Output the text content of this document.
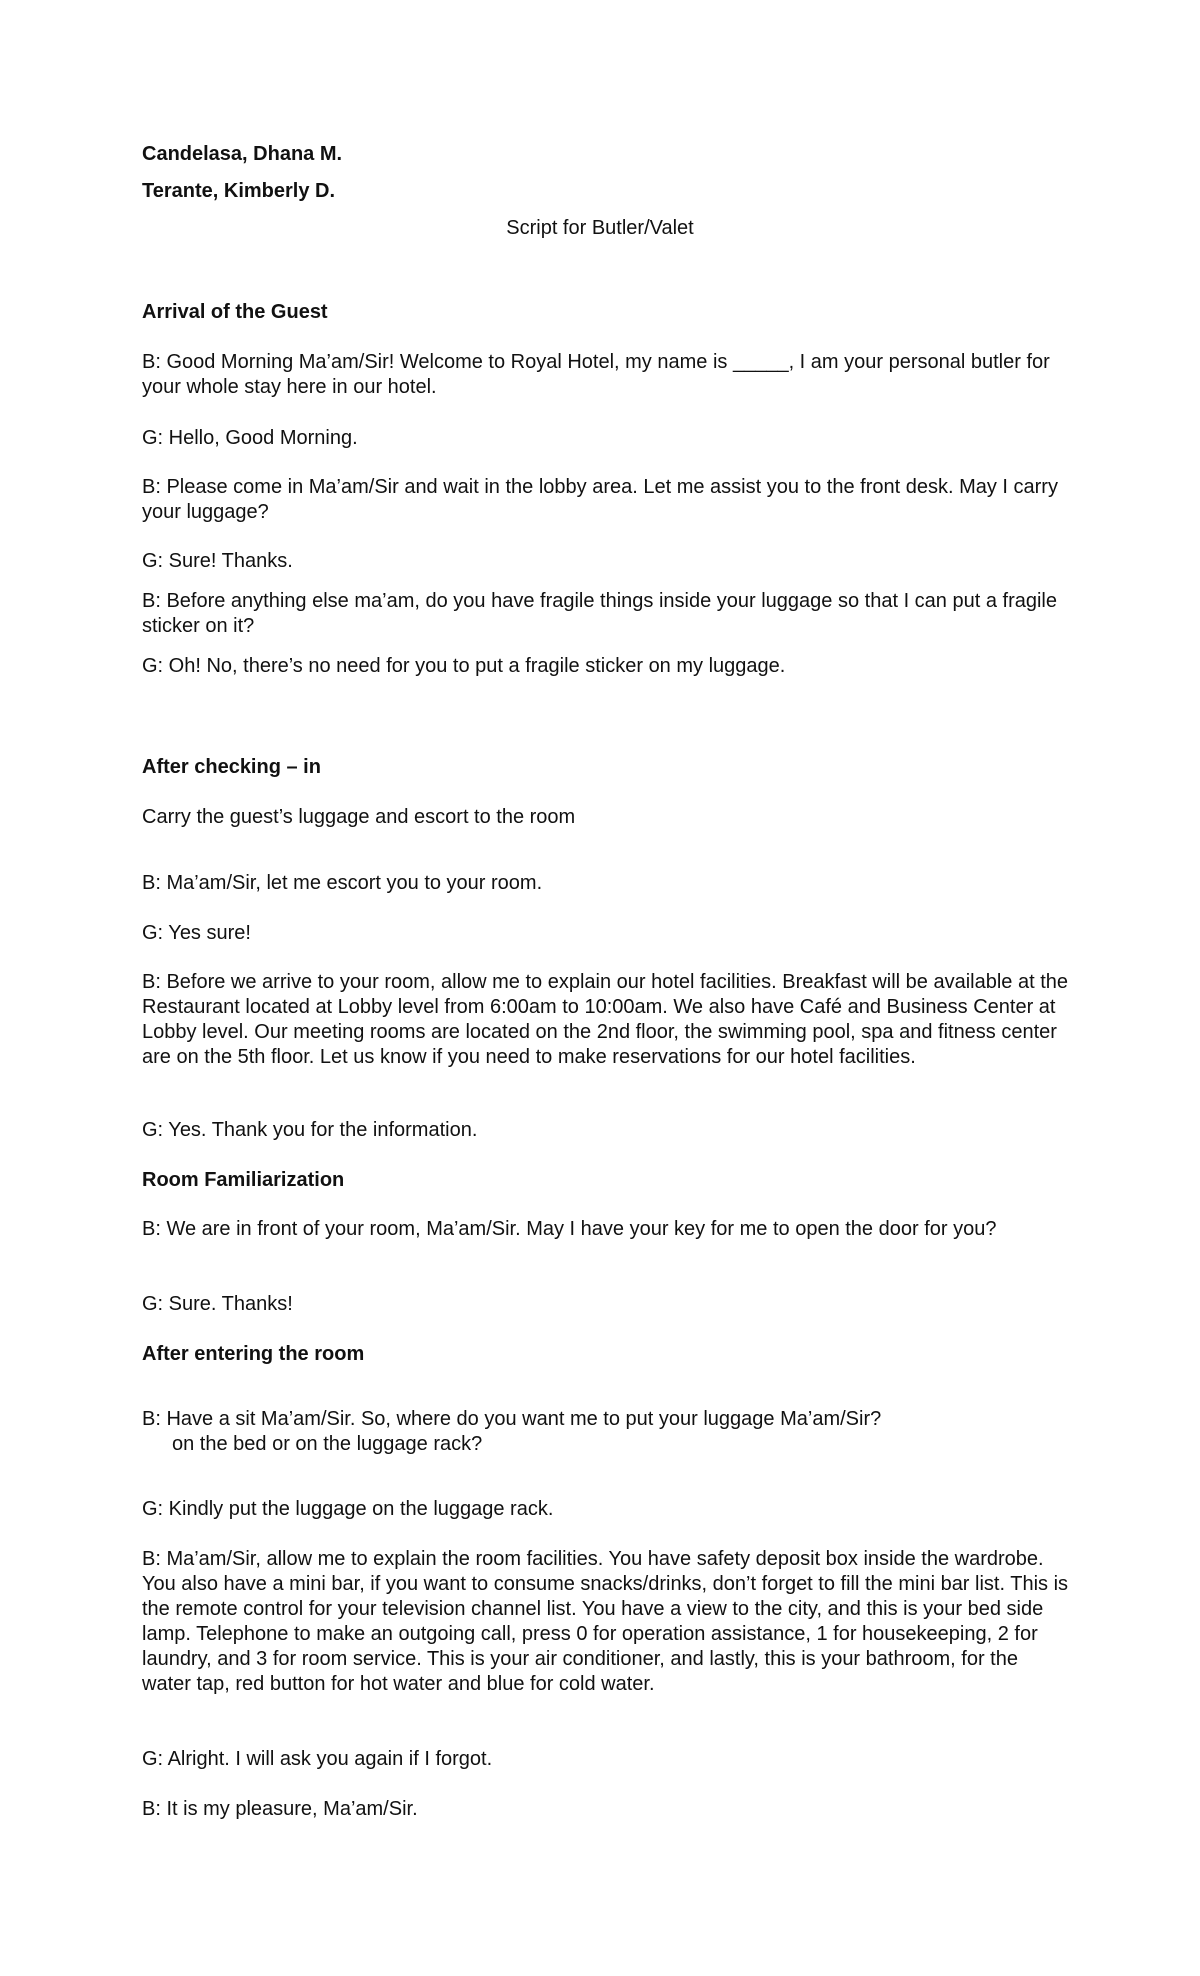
Candelasa, Dhana M.

Terante, Kimberly D.

Script for Butler/Valet

Arrival of the Guest

B: Good Morning Ma’am/Sir! Welcome to Royal Hotel, my name is _____, I am your personal butler for your whole stay here in our hotel.

G: Hello, Good Morning.

B: Please come in Ma’am/Sir and wait in the lobby area. Let me assist you to the front desk. May I carry your luggage?

G: Sure! Thanks.

B: Before anything else ma’am, do you have fragile things inside your luggage so that I can put a fragile sticker on it?

G: Oh! No, there’s no need for you to put a fragile sticker on my luggage.

After checking – in

Carry the guest’s luggage and escort to the room

B: Ma’am/Sir, let me escort you to your room.

G: Yes sure!

B: Before we arrive to your room, allow me to explain our hotel facilities. Breakfast will be available at the Restaurant located at Lobby level from 6:00am to 10:00am. We also have Café and Business Center at Lobby level. Our meeting rooms are located on the 2nd floor, the swimming pool, spa and fitness center are on the 5th floor. Let us know if you need to make reservations for our hotel facilities.

G: Yes. Thank you for the information.

Room Familiarization

B: We are in front of your room, Ma’am/Sir. May I have your key for me to open the door for you?

G: Sure. Thanks!

After entering the room

B: Have a sit Ma’am/Sir. So, where do you want me to put your luggage Ma’am/Sir?
on the bed or on the luggage rack?

G: Kindly put the luggage on the luggage rack.

B: Ma’am/Sir, allow me to explain the room facilities. You have safety deposit box inside the wardrobe. You also have a mini bar, if you want to consume snacks/drinks, don’t forget to fill the mini bar list. This is the remote control for your television channel list. You have a view to the city, and this is your bed side lamp. Telephone to make an outgoing call, press 0 for operation assistance, 1 for housekeeping, 2 for laundry, and 3 for room service. This is your air conditioner, and lastly, this is your bathroom, for the water tap, red button for hot water and blue for cold water.

G: Alright. I will ask you again if I forgot.

B: It is my pleasure, Ma’am/Sir.
